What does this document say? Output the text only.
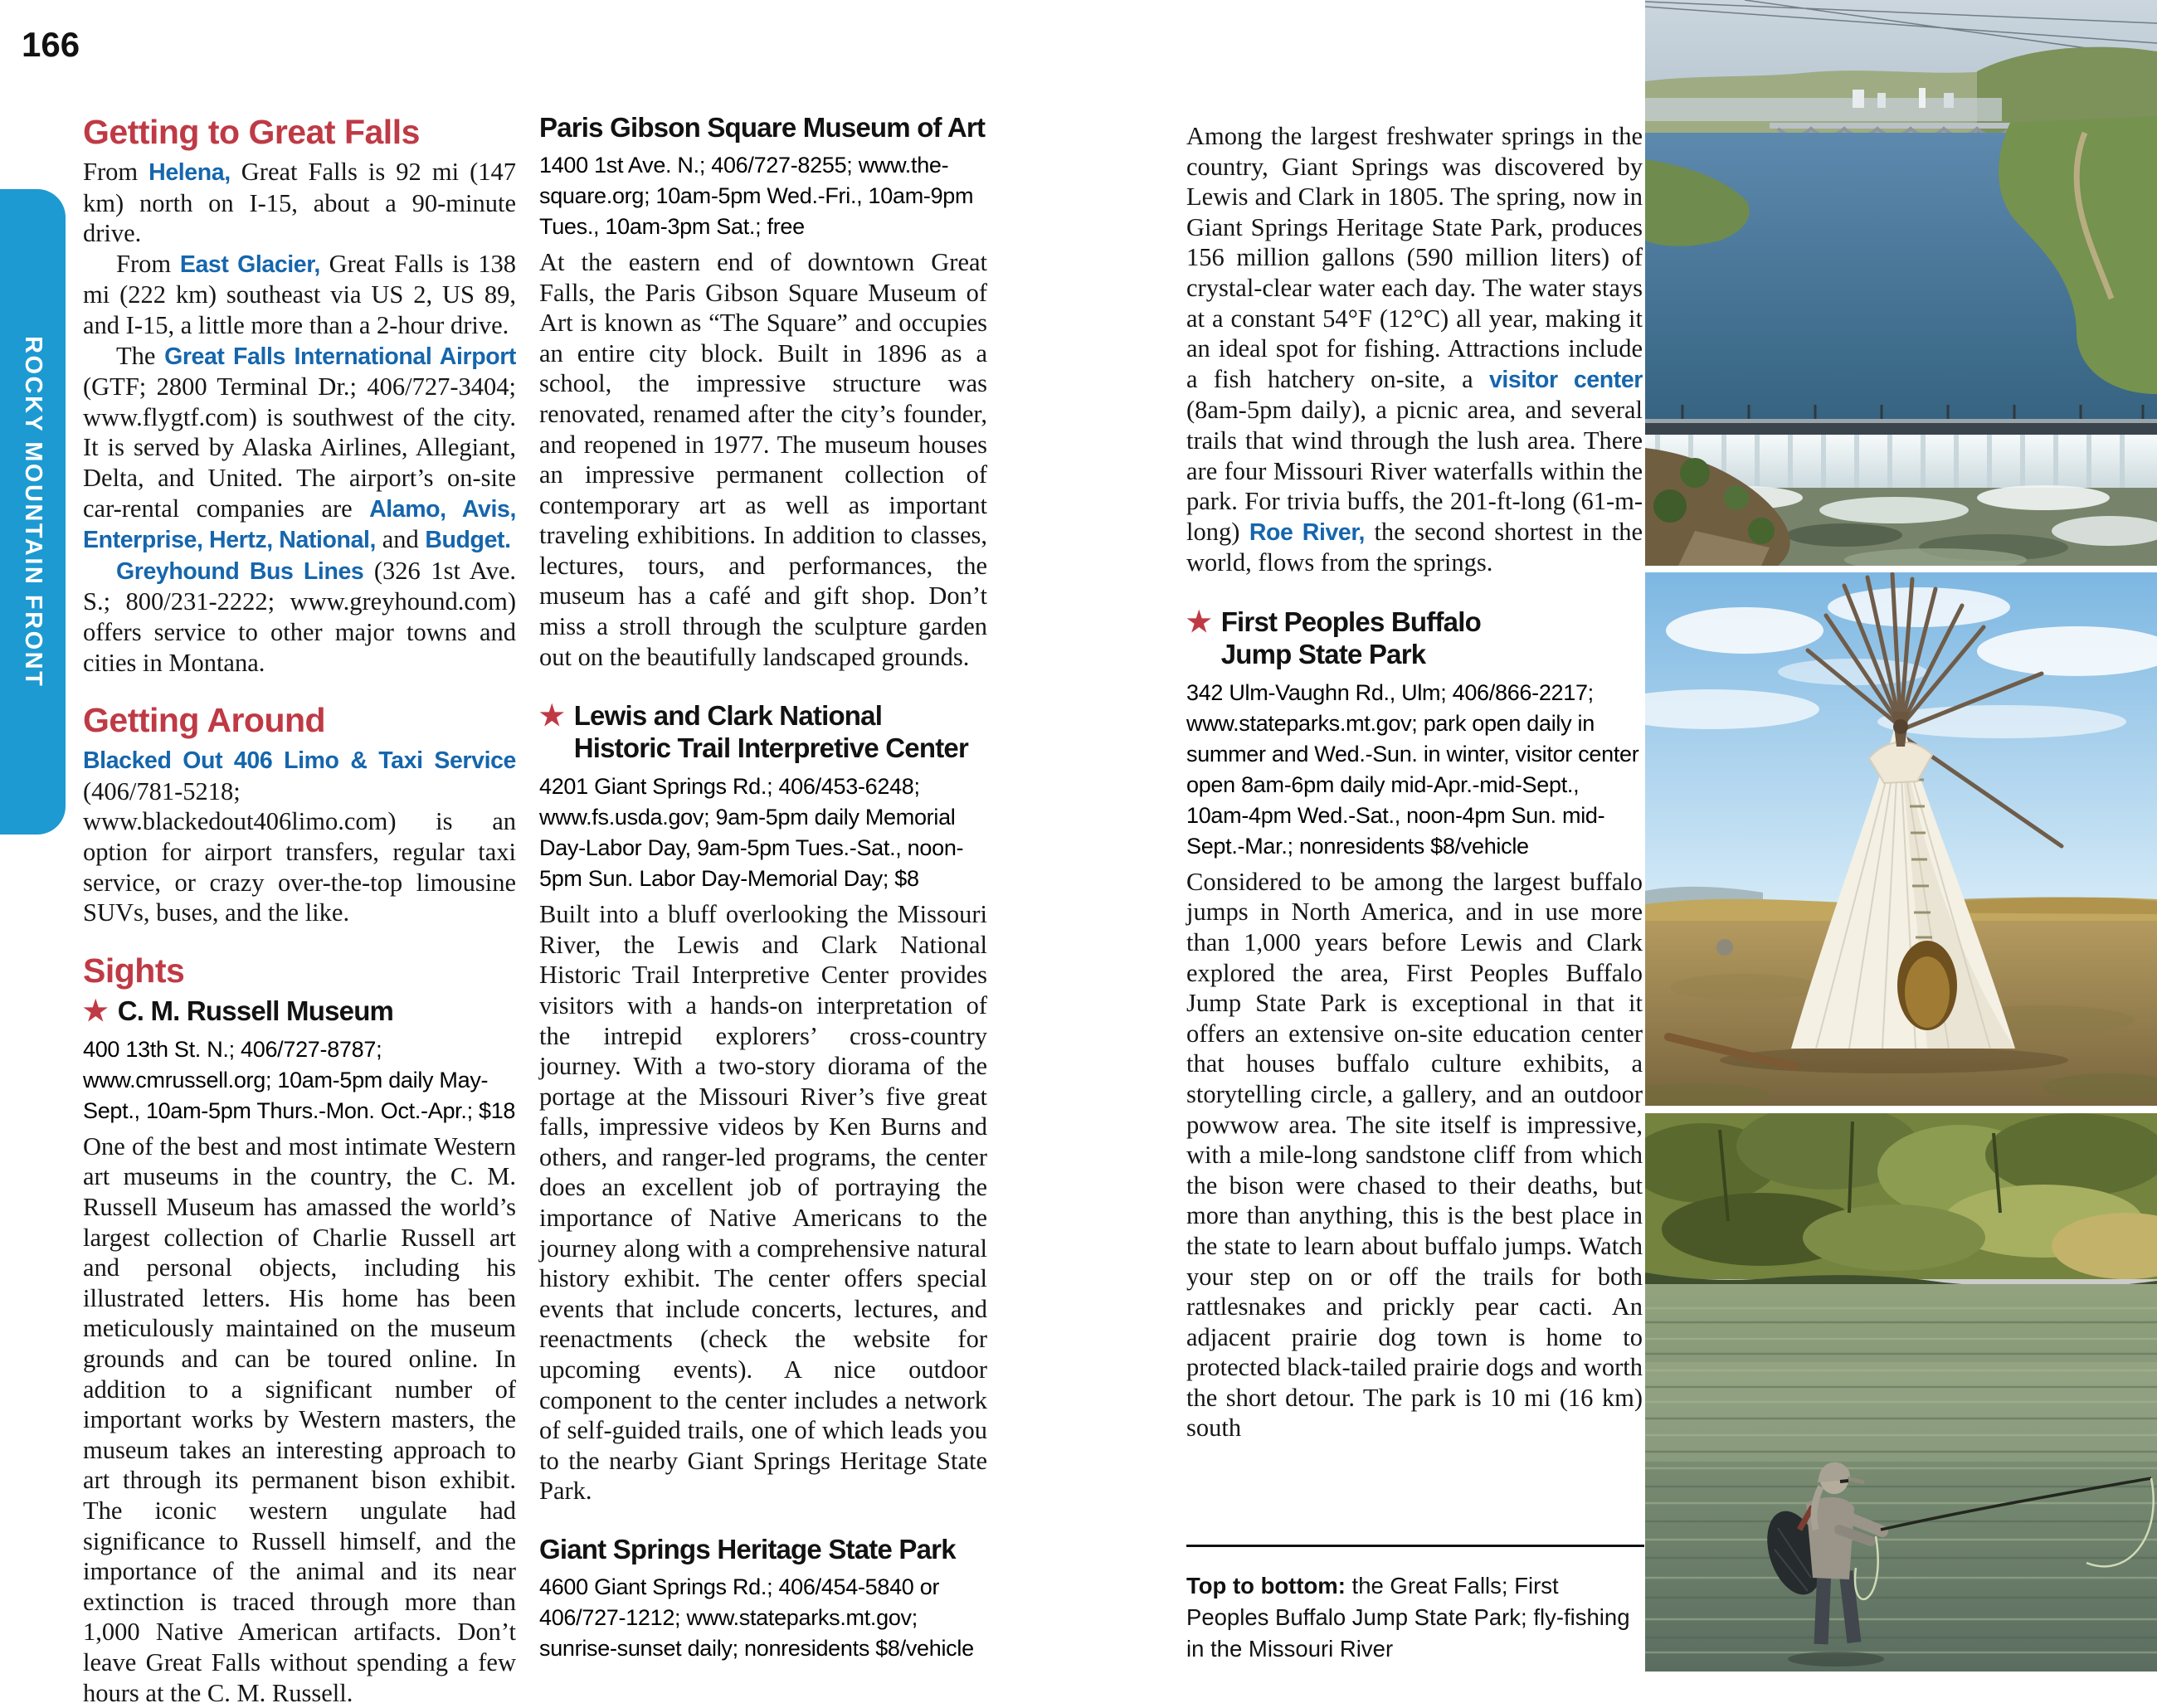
166
ROCKY MOUNTAIN FRONT
Getting to Great Falls

From Helena, Great Falls is 92 mi (147 km) north on I-15, about a 90-minute drive.

From East Glacier, Great Falls is 138 mi (222 km) southeast via US 2, US 89, and I-15, a little more than a 2-hour drive.

The Great Falls International Airport (GTF; 2800 Terminal Dr.; 406/727-3404; www.flygtf.com) is southwest of the city. It is served by Alaska Airlines, Allegiant, Delta, and United. The airport’s on-site car-rental companies are Alamo, Avis, Enterprise, Hertz, National, and Budget.

Greyhound Bus Lines (326 1st Ave. S.; 800/231-2222; www.greyhound.com) offers service to other major towns and cities in Montana.

Getting Around

Blacked Out 406 Limo & Taxi Service (406/781-5218; www.blackedout406limo.com) is an option for airport transfers, regular taxi service, or crazy over-the-top limousine SUVs, buses, and the like.

Sights
★ C. M. Russell Museum
400 13th St. N.; 406/727-8787; www.cmrussell.org; 10am-5pm daily May-Sept., 10am-5pm Thurs.-Mon. Oct.-Apr.; $18

One of the best and most intimate Western art museums in the country, the C. M. Russell Museum has amassed the world’s largest collection of Charlie Russell art and personal objects, including his illustrated letters. His home has been meticulously maintained on the museum grounds and can be toured online. In addition to a significant number of important works by Western masters, the museum takes an interesting approach to art through its permanent bison exhibit. The iconic western ungulate had significance to Russell himself, and the importance of the animal and its near extinction is traced through more than 1,000 Native American artifacts. Don’t leave Great Falls without spending a few hours at the C. M. Russell.

Paris Gibson Square Museum of Art
1400 1st Ave. N.; 406/727-8255; www.the-square.org; 10am-5pm Wed.-Fri., 10am-9pm Tues., 10am-3pm Sat.; free

At the eastern end of downtown Great Falls, the Paris Gibson Square Museum of Art is known as “The Square” and occupies an entire city block. Built in 1896 as a school, the impressive structure was renovated, renamed after the city’s founder, and reopened in 1977. The museum houses an impressive permanent collection of contemporary art as well as important traveling exhibitions. In addition to classes, lectures, tours, and performances, the museum has a café and gift shop. Don’t miss a stroll through the sculpture garden out on the beautifully landscaped grounds.

★ Lewis and Clark National
Historic Trail Interpretive Center
4201 Giant Springs Rd.; 406/453-6248; www.fs.usda.gov; 9am-5pm daily Memorial Day-Labor Day, 9am-5pm Tues.-Sat., noon-5pm Sun. Labor Day-Memorial Day; $8

Built into a bluff overlooking the Missouri River, the Lewis and Clark National Historic Trail Interpretive Center provides visitors with a hands-on interpretation of the intrepid explorers’ cross-country journey. With a two-story diorama of the portage at the Missouri River’s five great falls, impressive videos by Ken Burns and others, and ranger-led programs, the center does an excellent job of portraying the importance of Native Americans to the journey along with a comprehensive natural history exhibit. The center offers special events that include concerts, lectures, and reenactments (check the website for upcoming events). A nice outdoor component to the center includes a network of self-guided trails, one of which leads you to the nearby Giant Springs Heritage State Park.

Giant Springs Heritage State Park
4600 Giant Springs Rd.; 406/454-5840 or 406/727-1212; www.stateparks.mt.gov; sunrise-sunset daily; nonresidents $8/vehicle

Among the largest freshwater springs in the country, Giant Springs was discovered by Lewis and Clark in 1805. The spring, now in Giant Springs Heritage State Park, produces 156 million gallons (590 million liters) of crystal-clear water each day. The water stays at a constant 54°F (12°C) all year, making it an ideal spot for fishing. Attractions include a fish hatchery on-site, a visitor center (8am-5pm daily), a picnic area, and several trails that wind through the lush area. There are four Missouri River waterfalls within the park. For trivia buffs, the 201-ft-long (61-m-long) Roe River, the second shortest in the world, flows from the springs.

★ First Peoples Buffalo
Jump State Park
342 Ulm-Vaughn Rd., Ulm; 406/866-2217; www.stateparks.mt.gov; park open daily in summer and Wed.-Sun. in winter, visitor center open 8am-6pm daily mid-Apr.-mid-Sept., 10am-4pm Wed.-Sat., noon-4pm Sun. mid-Sept.-Mar.; nonresidents $8/vehicle

Considered to be among the largest buffalo jumps in North America, and in use more than 1,000 years before Lewis and Clark explored the area, First Peoples Buffalo Jump State Park is exceptional in that it offers an extensive on-site education center that houses buffalo culture exhibits, a storytelling circle, a gallery, and an outdoor powwow area. The site itself is impressive, with a mile-long sandstone cliff from which the bison were chased to their deaths, but more than anything, this is the best place in the state to learn about buffalo jumps. Watch your step on or off the trails for both rattlesnakes and prickly pear cacti. An adjacent prairie dog town is home to protected black-tailed prairie dogs and worth the short detour. The park is 10 mi (16 km) south

Top to bottom: the Great Falls; First Peoples Buffalo Jump State Park; fly-fishing in the Missouri River
